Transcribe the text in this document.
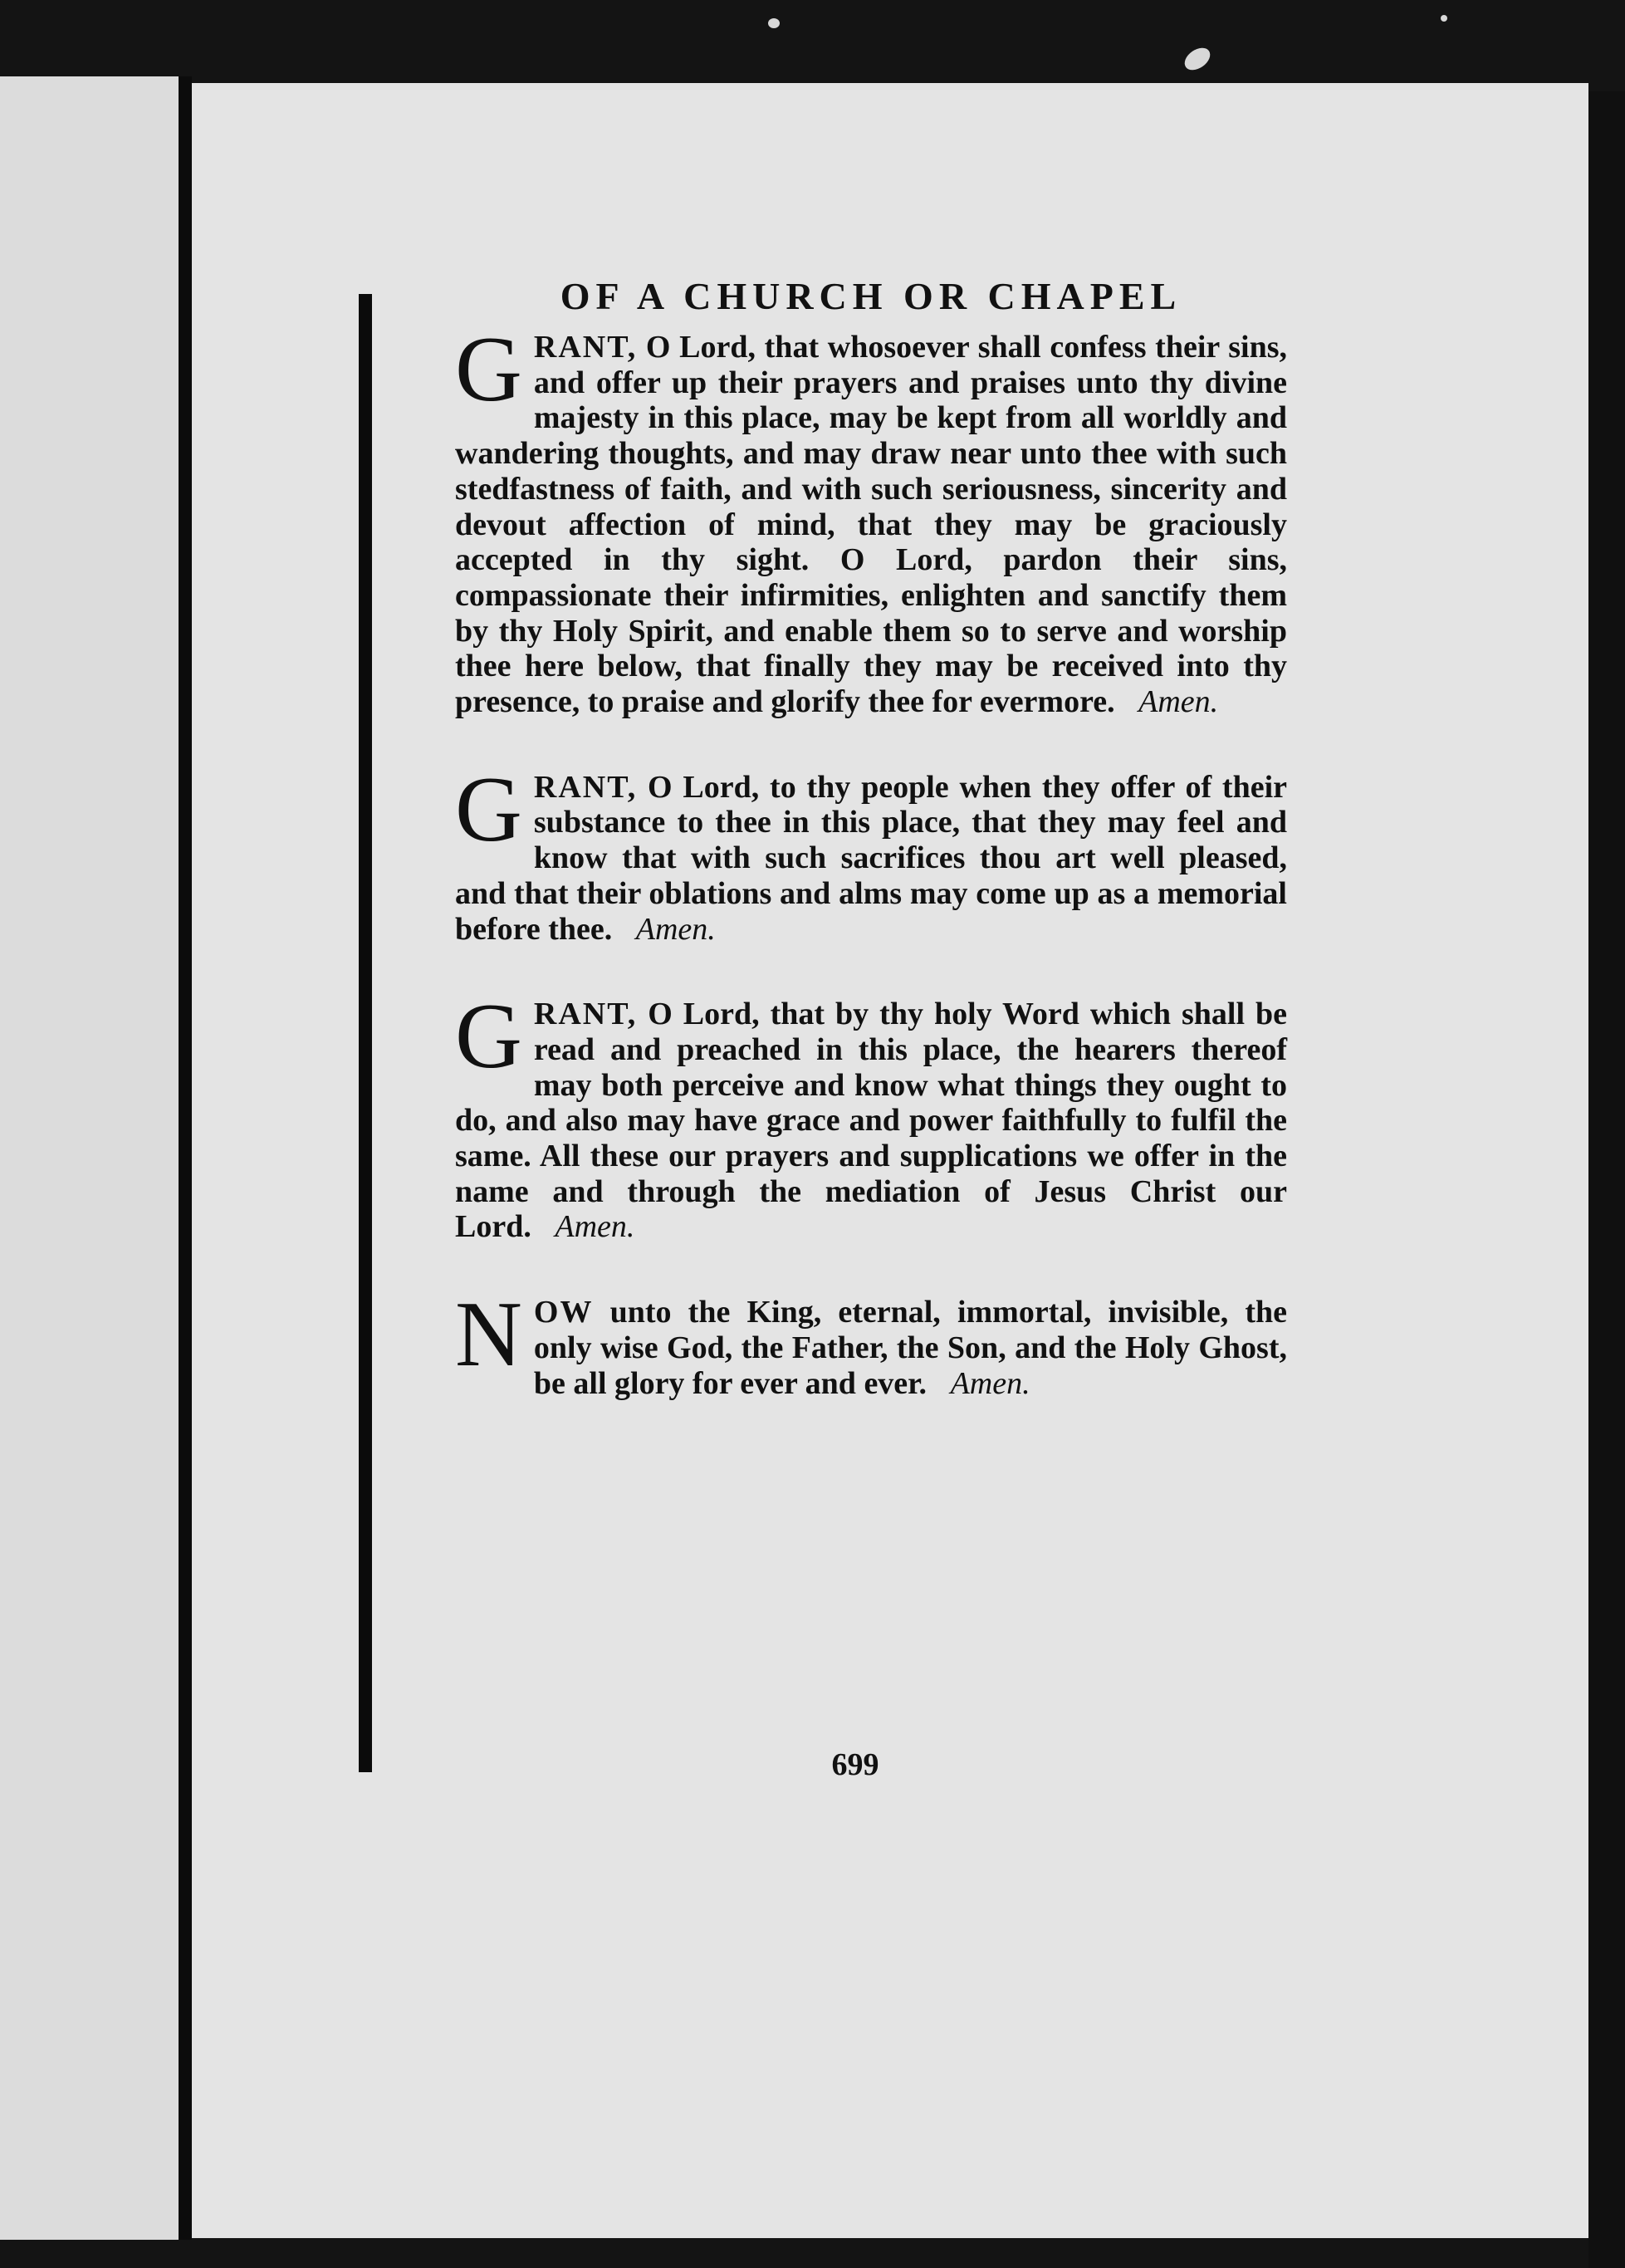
OF A CHURCH OR CHAPEL

GRANT, O Lord, that whosoever shall confess their sins, and offer up their prayers and praises unto thy divine majesty in this place, may be kept from all worldly and wandering thoughts, and may draw near unto thee with such stedfastness of faith, and with such seriousness, sincerity and devout affection of mind, that they may be graciously accepted in thy sight. O Lord, pardon their sins, compassionate their infirmities, enlighten and sanctify them by thy Holy Spirit, and enable them so to serve and worship thee here below, that finally they may be received into thy presence, to praise and glorify thee for evermore. Amen.

GRANT, O Lord, to thy people when they offer of their substance to thee in this place, that they may feel and know that with such sacrifices thou art well pleased, and that their oblations and alms may come up as a memorial before thee. Amen.

GRANT, O Lord, that by thy holy Word which shall be read and preached in this place, the hearers thereof may both perceive and know what things they ought to do, and also may have grace and power faithfully to fulfil the same. All these our prayers and supplications we offer in the name and through the mediation of Jesus Christ our Lord. Amen.

NOW unto the King, eternal, immortal, invisible, the only wise God, the Father, the Son, and the Holy Ghost, be all glory for ever and ever. Amen.

699
